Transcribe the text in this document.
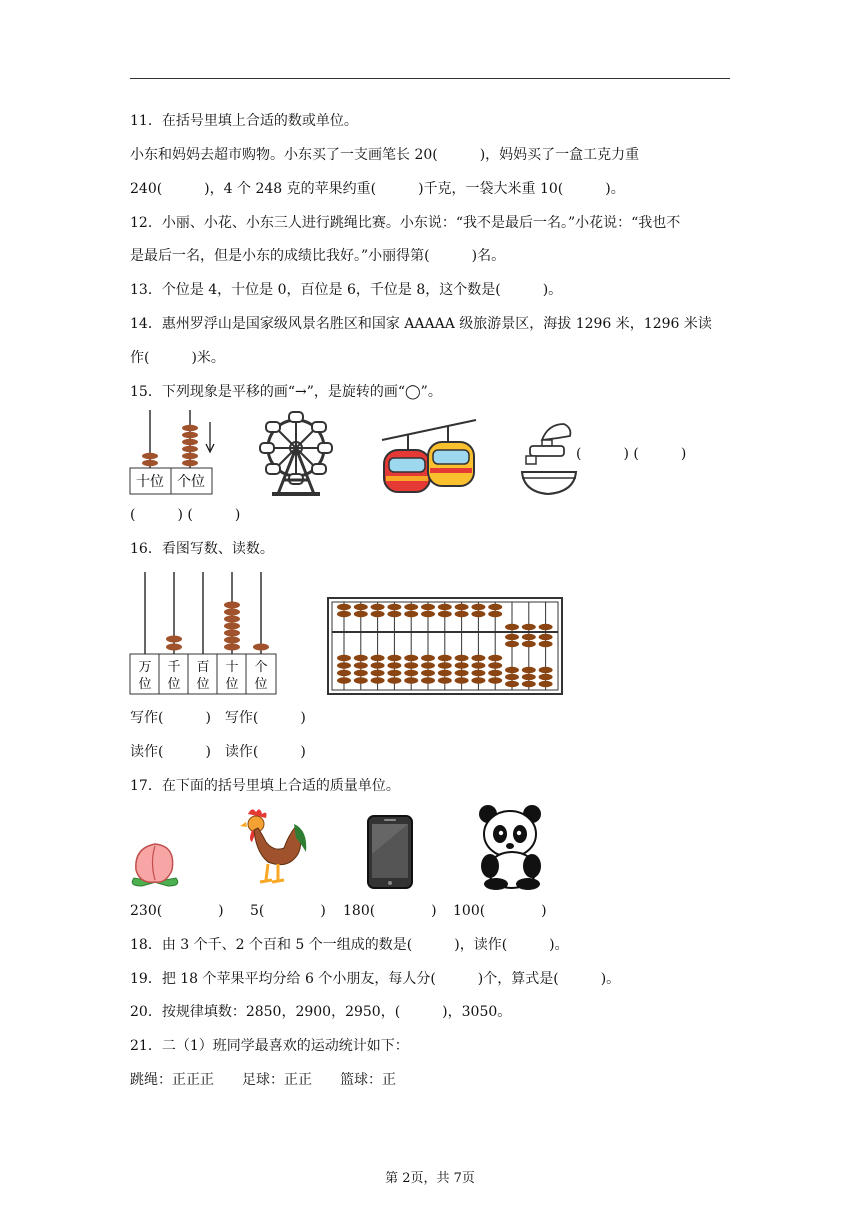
11．在括号里填上合适的数或单位。
小东和妈妈去超市购物。小东买了一支画笔长 20(　　　)，妈妈买了一盒工克力重
240(　　　)，4 个 248 克的苹果约重(　　　)千克，一袋大米重 10(　　　)。
12．小丽、小花、小东三人进行跳绳比赛。小东说：“我不是最后一名。”小花说：“我也不
是最后一名，但是小东的成绩比我好。”小丽得第(　　　)名。
13．个位是 4，十位是 0，百位是 6，千位是 8，这个数是(　　　)。
14．惠州罗浮山是国家级风景名胜区和国家 AAAAA 级旅游景区，海拔 1296 米，1296 米读
作(　　　)米。
15．下列现象是平移的画“→”，是旋转的画“◯”。
十位 个位
(　　　) (　　　)
(　　　) (　　　)
16．看图写数、读数。
万 千 百 十 个
位 位 位 位 位
写作(　　　)　写作(　　　)
读作(　　　)　读作(　　　)
17．在下面的括号里填上合适的质量单位。
230(　　　　) 5(　　　　) 180(　　　　) 100(　　　　)
18．由 3 个千、2 个百和 5 个一组成的数是(　　　)，读作(　　　)。
19．把 18 个苹果平均分给 6 个小朋友，每人分(　　　)个，算式是(　　　)。
20．按规律填数：2850，2900，2950，(　　　)，3050。
21．二（1）班同学最喜欢的运动统计如下：
跳绳：正正正　　足球：正正　　篮球：正
第 2页，共 7页
